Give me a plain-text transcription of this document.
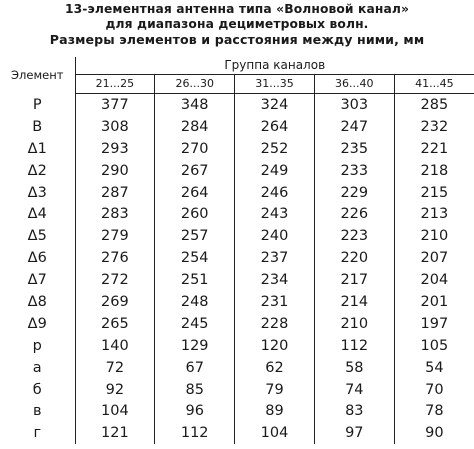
13-элементная антенна типа «Волновой канал»
для диапазона дециметровых волн.
Размеры элементов и расстояния между ними, мм
Элемент	Группа каналов				
	21...25	26...30	31...35	36...40	41...45
Р	377	348	324	303	285
В	308	284	264	247	232
Δ1	293	270	252	235	221
Δ2	290	267	249	233	218
Δ3	287	264	246	229	215
Δ4	283	260	243	226	213
Δ5	279	257	240	223	210
Δ6	276	254	237	220	207
Δ7	272	251	234	217	204
Δ8	269	248	231	214	201
Δ9	265	245	228	210	197
р	140	129	120	112	105
а	72	67	62	58	54
б	92	85	79	74	70
в	104	96	89	83	78
г	121	112	104	97	90
